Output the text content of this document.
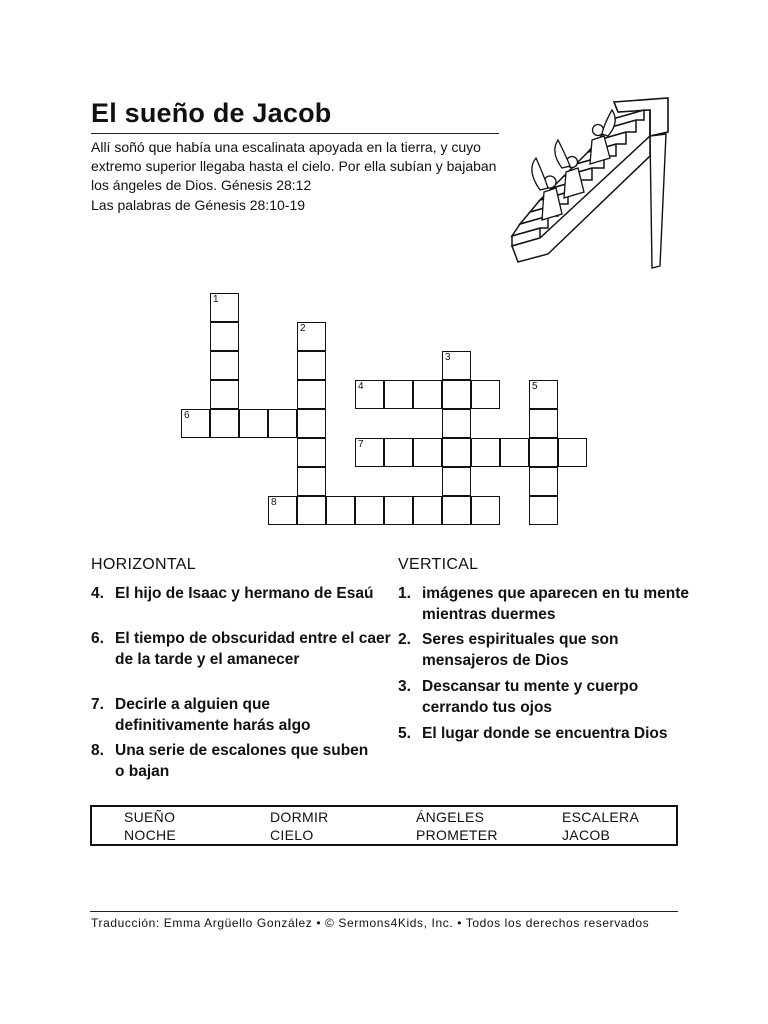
El sueño de Jacob
Allí soñó que había una escalinata apoyada en la tierra, y cuyo extremo superior llegaba hasta el cielo. Por ella subían y bajaban los ángeles de Dios. Génesis 28:12
Las palabras de Génesis 28:10-19
1
2
3
4	5
6
7
8
HORIZONTAL
4. El hijo de Isaac y hermano de Esaú
6. El tiempo de obscuridad entre el caer de la tarde y el amanecer
7. Decirle a alguien que definitivamente harás algo
8. Una serie de escalones que suben o bajan
VERTICAL
1. imágenes que aparecen en tu mente mientras duermes
2. Seres espirituales que son mensajeros de Dios
3. Descansar tu mente y cuerpo cerrando tus ojos
5. El lugar donde se encuentra Dios
SUEÑO	DORMIR	ÁNGELES	ESCALERA
NOCHE	CIELO	PROMETER	JACOB
Traducción: Emma Argüello González • © Sermons4Kids, Inc. • Todos los derechos reservados
